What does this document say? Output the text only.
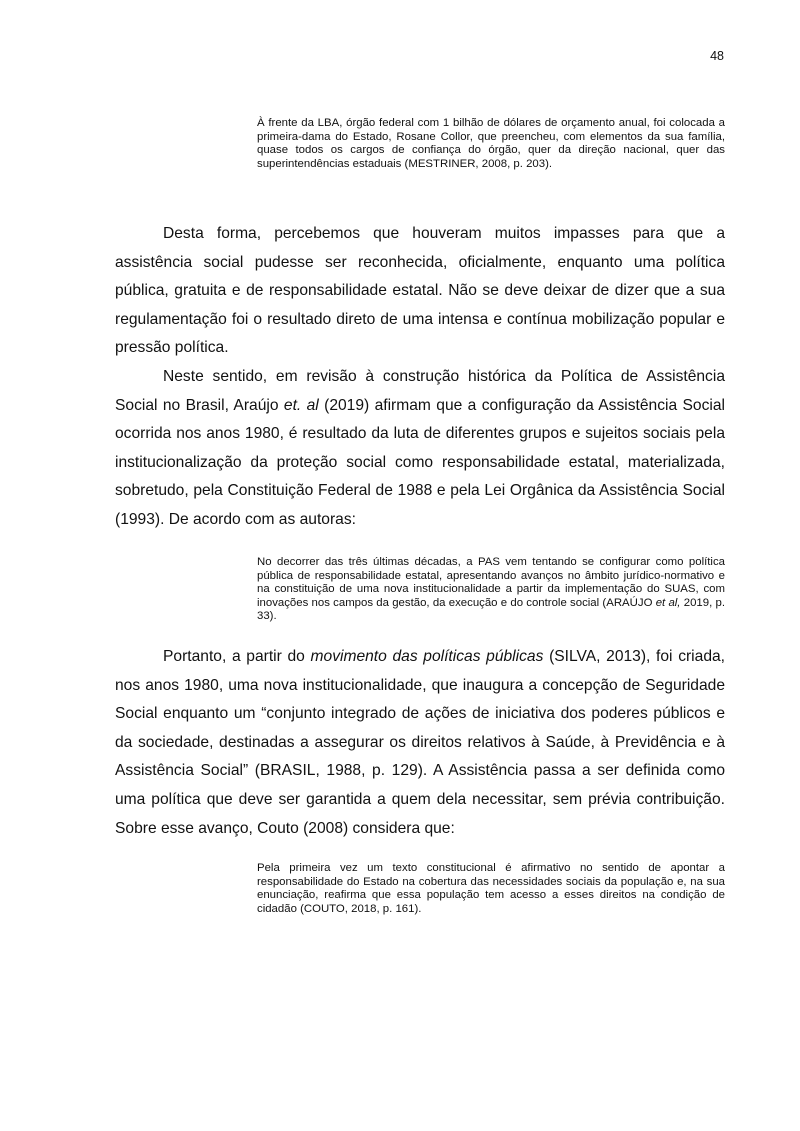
48

À frente da LBA, órgão federal com 1 bilhão de dólares de orçamento anual, foi colocada a primeira-dama do Estado, Rosane Collor, que preencheu, com elementos da sua família, quase todos os cargos de confiança do órgão, quer da direção nacional, quer das superintendências estaduais (MESTRINER, 2008, p. 203).

Desta forma, percebemos que houveram muitos impasses para que a assistência social pudesse ser reconhecida, oficialmente, enquanto uma política pública, gratuita e de responsabilidade estatal. Não se deve deixar de dizer que a sua regulamentação foi o resultado direto de uma intensa e contínua mobilização popular e pressão política.

Neste sentido, em revisão à construção histórica da Política de Assistência Social no Brasil, Araújo et. al (2019) afirmam que a configuração da Assistência Social ocorrida nos anos 1980, é resultado da luta de diferentes grupos e sujeitos sociais pela institucionalização da proteção social como responsabilidade estatal, materializada, sobretudo, pela Constituição Federal de 1988 e pela Lei Orgânica da Assistência Social (1993). De acordo com as autoras:

No decorrer das três últimas décadas, a PAS vem tentando se configurar como política pública de responsabilidade estatal, apresentando avanços no âmbito jurídico-normativo e na constituição de uma nova institucionalidade a partir da implementação do SUAS, com inovações nos campos da gestão, da execução e do controle social (ARAÚJO et al, 2019, p. 33).

Portanto, a partir do movimento das políticas públicas (SILVA, 2013), foi criada, nos anos 1980, uma nova institucionalidade, que inaugura a concepção de Seguridade Social enquanto um “conjunto integrado de ações de iniciativa dos poderes públicos e da sociedade, destinadas a assegurar os direitos relativos à Saúde, à Previdência e à Assistência Social” (BRASIL, 1988, p. 129). A Assistência passa a ser definida como uma política que deve ser garantida a quem dela necessitar, sem prévia contribuição. Sobre esse avanço, Couto (2008) considera que:

Pela primeira vez um texto constitucional é afirmativo no sentido de apontar a responsabilidade do Estado na cobertura das necessidades sociais da população e, na sua enunciação, reafirma que essa população tem acesso a esses direitos na condição de cidadão (COUTO, 2018, p. 161).
